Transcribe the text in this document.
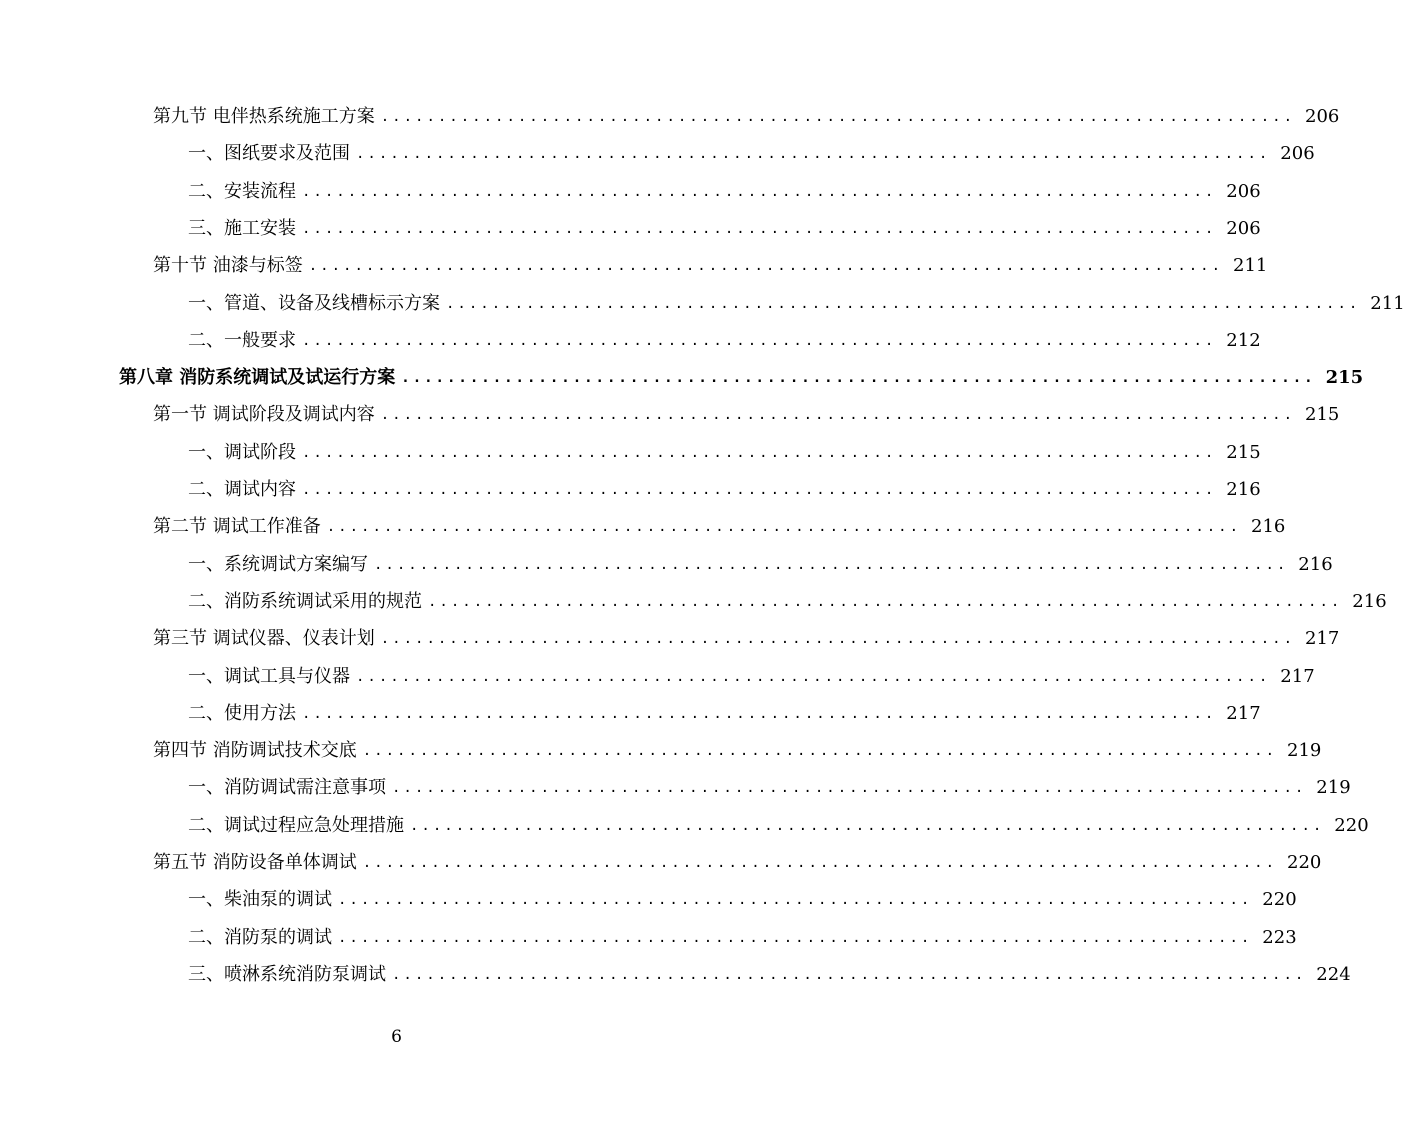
第九节 电伴热系统施工方案 ................................................................................ 206
一、图纸要求及范围 ................................................................................ 206
二、安装流程 ................................................................................ 206
三、施工安装 ................................................................................ 206
第十节 油漆与标签 ................................................................................ 211
一、管道、设备及线槽标示方案 ................................................................................ 211
二、一般要求 ................................................................................ 212
第八章 消防系统调试及试运行方案 ................................................................................ 215
第一节 调试阶段及调试内容 ................................................................................ 215
一、调试阶段 ................................................................................ 215
二、调试内容 ................................................................................ 216
第二节 调试工作准备 ................................................................................ 216
一、系统调试方案编写 ................................................................................ 216
二、消防系统调试采用的规范 ................................................................................ 216
第三节 调试仪器、仪表计划 ................................................................................ 217
一、调试工具与仪器 ................................................................................ 217
二、使用方法 ................................................................................ 217
第四节 消防调试技术交底 ................................................................................ 219
一、消防调试需注意事项 ................................................................................ 219
二、调试过程应急处理措施 ................................................................................ 220
第五节 消防设备单体调试 ................................................................................ 220
一、柴油泵的调试 ................................................................................ 220
二、消防泵的调试 ................................................................................ 223
三、喷淋系统消防泵调试 ................................................................................ 224
6
